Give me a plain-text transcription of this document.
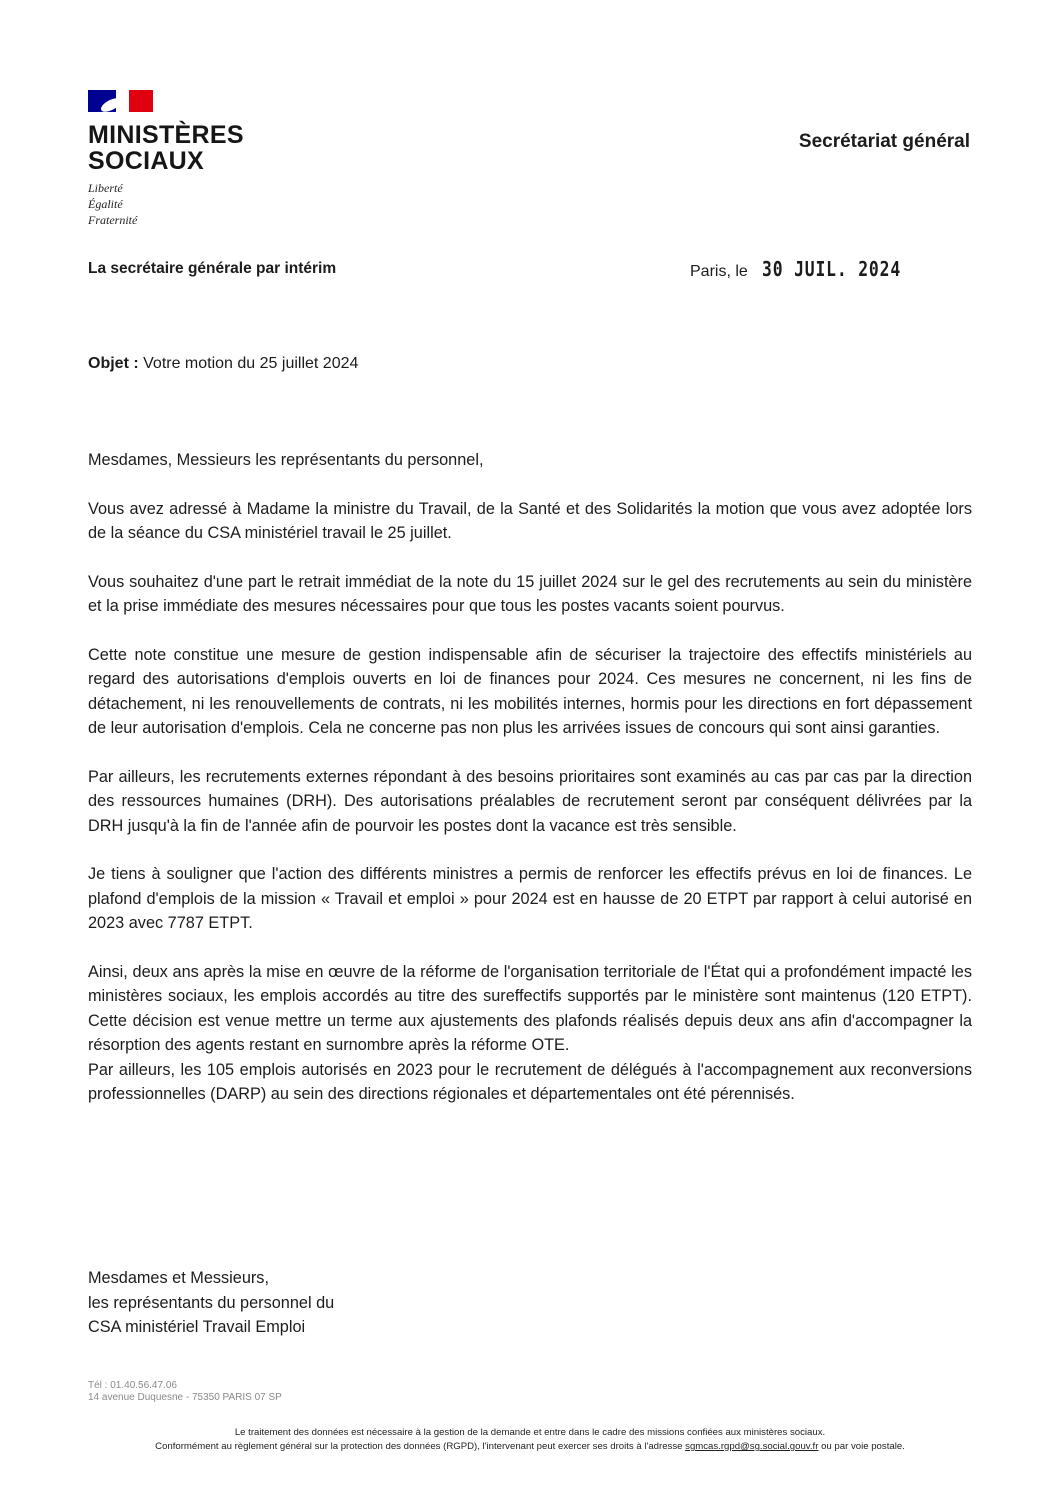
MINISTÈRES
SOCIAUX
Liberté
Égalité
Fraternité
Secrétariat général
La secrétaire générale par intérim	Paris, le 30 JUIL. 2024
Objet : Votre motion du 25 juillet 2024

Mesdames, Messieurs les représentants du personnel,

Vous avez adressé à Madame la ministre du Travail, de la Santé et des Solidarités la motion que vous avez adoptée lors de la séance du CSA ministériel travail le 25 juillet.

Vous souhaitez d'une part le retrait immédiat de la note du 15 juillet 2024 sur le gel des recrutements au sein du ministère et la prise immédiate des mesures nécessaires pour que tous les postes vacants soient pourvus.

Cette note constitue une mesure de gestion indispensable afin de sécuriser la trajectoire des effectifs ministériels au regard des autorisations d'emplois ouverts en loi de finances pour 2024. Ces mesures ne concernent, ni les fins de détachement, ni les renouvellements de contrats, ni les mobilités internes, hormis pour les directions en fort dépassement de leur autorisation d'emplois. Cela ne concerne pas non plus les arrivées issues de concours qui sont ainsi garanties.

Par ailleurs, les recrutements externes répondant à des besoins prioritaires sont examinés au cas par cas par la direction des ressources humaines (DRH). Des autorisations préalables de recrutement seront par conséquent délivrées par la DRH jusqu'à la fin de l'année afin de pourvoir les postes dont la vacance est très sensible.

Je tiens à souligner que l'action des différents ministres a permis de renforcer les effectifs prévus en loi de finances. Le plafond d'emplois de la mission « Travail et emploi » pour 2024 est en hausse de 20 ETPT par rapport à celui autorisé en 2023 avec 7787 ETPT.

Ainsi, deux ans après la mise en œuvre de la réforme de l'organisation territoriale de l'État qui a profondément impacté les ministères sociaux, les emplois accordés au titre des sureffectifs supportés par le ministère sont maintenus (120 ETPT). Cette décision est venue mettre un terme aux ajustements des plafonds réalisés depuis deux ans afin d'accompagner la résorption des agents restant en surnombre après la réforme OTE.

Par ailleurs, les 105 emplois autorisés en 2023 pour le recrutement de délégués à l'accompagnement aux reconversions professionnelles (DARP) au sein des directions régionales et départementales ont été pérennisés.

Mesdames et Messieurs,
les représentants du personnel du
CSA ministériel Travail Emploi
Tél : 01.40.56.47.06
14 avenue Duquesne - 75350 PARIS 07 SP
Le traitement des données est nécessaire à la gestion de la demande et entre dans le cadre des missions confiées aux ministères sociaux.
Conformément au règlement général sur la protection des données (RGPD), l'intervenant peut exercer ses droits à l'adresse sgmcas.rgpd@sg.social.gouv.fr ou par voie postale.
